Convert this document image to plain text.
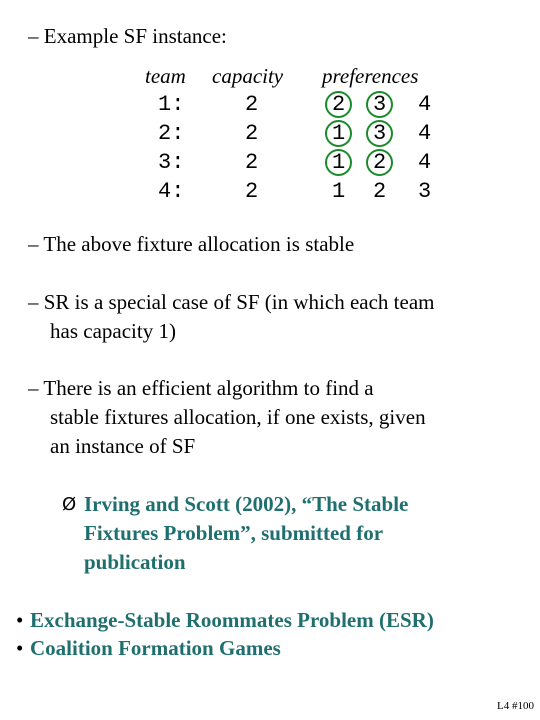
– Example SF instance:
team capacity preferences
1:	2	2 3 4
2:	2	1 3 4
3:	2	1 2 4
4:	2	1 2 3
– The above fixture allocation is stable
– SR is a special case of SF (in which each team
has capacity 1)
– There is an efficient algorithm to find a
stable fixtures allocation, if one exists, given
an instance of SF
Ø Irving and Scott (2002), “The Stable
Fixtures Problem”, submitted for
publication
• Exchange-Stable Roommates Problem (ESR)
• Coalition Formation Games
L4 #100
